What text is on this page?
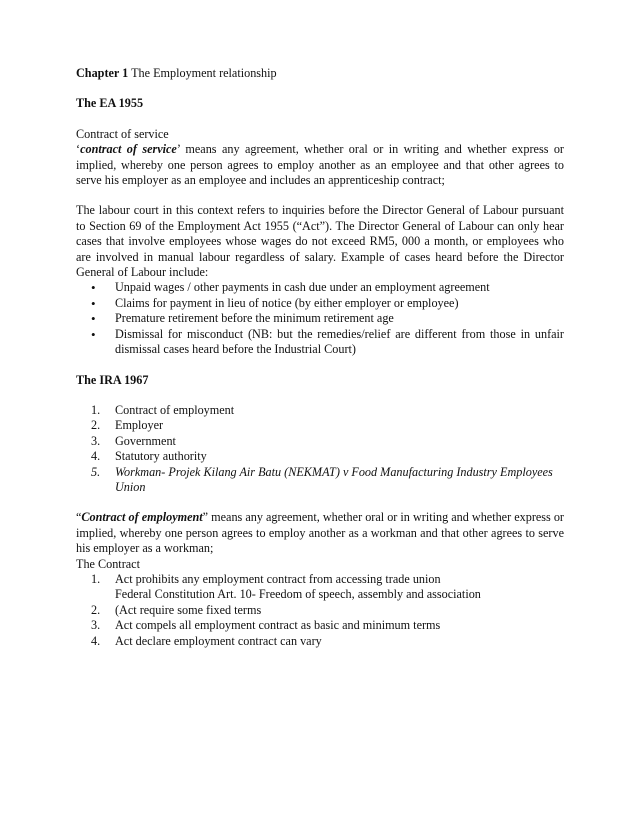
Chapter 1 The Employment relationship

The EA 1955

Contract of service

‘contract of service’ means any agreement, whether oral or in writing and whether express or implied, whereby one person agrees to employ another as an employee and that other agrees to serve his employer as an employee and includes an apprenticeship contract;

The labour court in this context refers to inquiries before the Director General of Labour pursuant to Section 69 of the Employment Act 1955 (“Act”). The Director General of Labour can only hear cases that involve employees whose wages do not exceed RM5, 000 a month, or employees who are involved in manual labour regardless of salary. Example of cases heard before the Director General of Labour include:

• Unpaid wages / other payments in cash due under an employment agreement
• Claims for payment in lieu of notice (by either employer or employee)
• Premature retirement before the minimum retirement age
• Dismissal for misconduct (NB: but the remedies/relief are different from those in unfair dismissal cases heard before the Industrial Court)

The IRA 1967

1. Contract of employment
2. Employer
3. Government
4. Statutory authority
5. Workman- Projek Kilang Air Batu (NEKMAT) v Food Manufacturing Industry Employees Union

“Contract of employment” means any agreement, whether oral or in writing and whether express or implied, whereby one person agrees to employ another as a workman and that other agrees to serve his employer as a workman;

The Contract

1. Act prohibits any employment contract from accessing trade union
Federal Constitution Art. 10- Freedom of speech, assembly and association
2. (Act require some fixed terms
3. Act compels all employment contract as basic and minimum terms
4. Act declare employment contract can vary
